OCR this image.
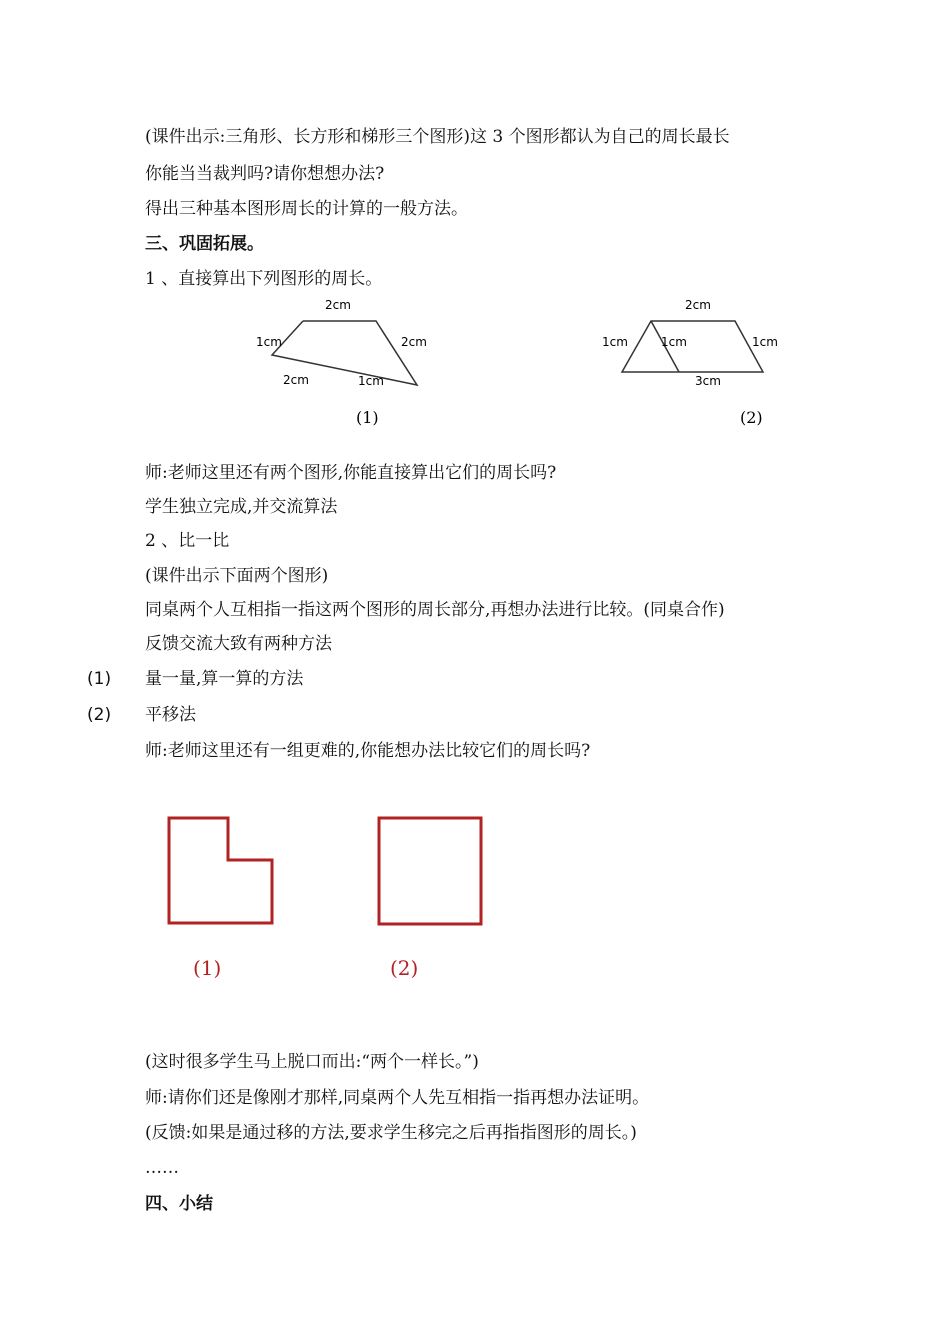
(课件出示:三角形、长方形和梯形三个图形)这 3 个图形都认为自己的周长最长
你能当当裁判吗?请你想想办法?
得出三种基本图形周长的计算的一般方法。
三、巩固拓展。
1 、直接算出下列图形的周长。
2cm
1cm	2cm
2cm	1cm
(1)
2cm
1cm	1cm	1cm
3cm
(2)
师:老师这里还有两个图形,你能直接算出它们的周长吗?
学生独立完成,并交流算法
2 、比一比
(课件出示下面两个图形)
同桌两个人互相指一指这两个图形的周长部分,再想办法进行比较。(同桌合作)
反馈交流大致有两种方法
(1) 量一量,算一算的方法
(2) 平移法
师:老师这里还有一组更难的,你能想办法比较它们的周长吗?
(1)	(2)
(这时很多学生马上脱口而出:“两个一样长。”)
师:请你们还是像刚才那样,同桌两个人先互相指一指再想办法证明。
(反馈:如果是通过移的方法,要求学生移完之后再指指图形的周长。)
……
四、小结
